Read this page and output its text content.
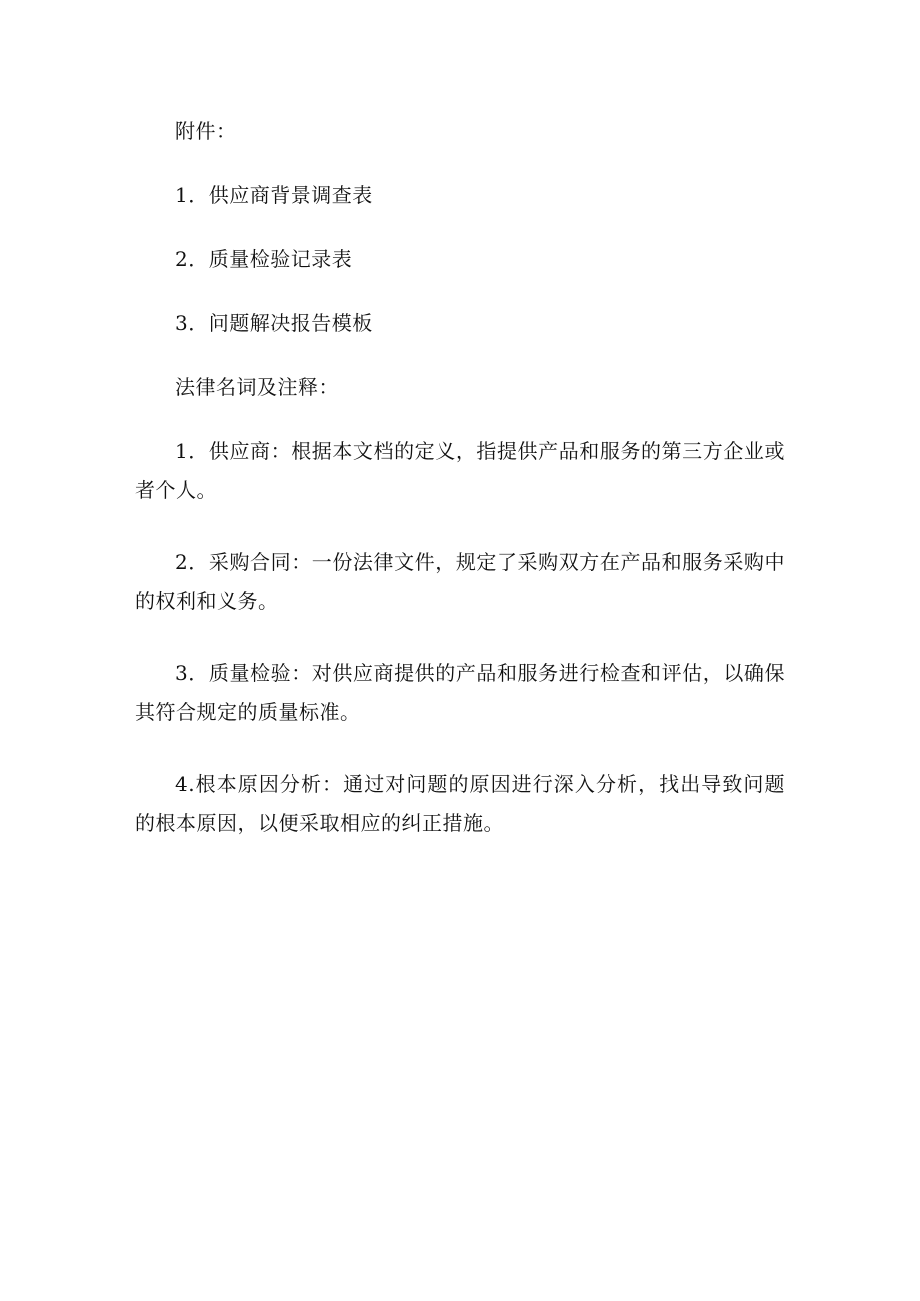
附件：

1．供应商背景调查表

2．质量检验记录表

3．问题解决报告模板

法律名词及注释：

1．供应商：根据本文档的定义，指提供产品和服务的第三方企业或者个人。

2．采购合同：一份法律文件，规定了采购双方在产品和服务采购中的权利和义务。

3．质量检验：对供应商提供的产品和服务进行检查和评估，以确保其符合规定的质量标准。

4.根本原因分析：通过对问题的原因进行深入分析，找出导致问题的根本原因，以便采取相应的纠正措施。
